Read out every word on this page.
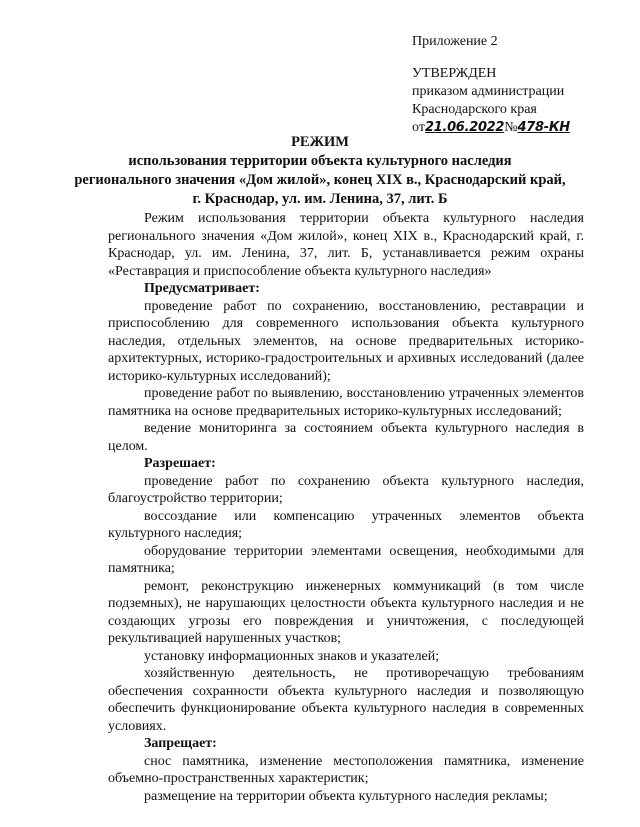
Приложение 2
УТВЕРЖДЕН
приказом администрации
Краснодарского края
от21.06.2022№478-КН
РЕЖИМ
использования территории объекта культурного наследия
регионального значения «Дом жилой», конец XIX в., Краснодарский край,
г. Краснодар, ул. им. Ленина, 37, лит. Б

Режим использования территории объекта культурного наследия регионального значения «Дом жилой», конец XIX в., Краснодарский край, г. Краснодар, ул. им. Ленина, 37, лит. Б, устанавливается режим охраны «Реставрация и приспособление объекта культурного наследия»

Предусматривает:

проведение работ по сохранению, восстановлению, реставрации и приспособлению для современного использования объекта культурного наследия, отдельных элементов, на основе предварительных историко-архитектурных, историко-градостроительных и архивных исследований (далее историко-культурных исследований);

проведение работ по выявлению, восстановлению утраченных элементов памятника на основе предварительных историко-культурных исследований;

ведение мониторинга за состоянием объекта культурного наследия в целом.

Разрешает:

проведение работ по сохранению объекта культурного наследия, благоустройство территории;

воссоздание или компенсацию утраченных элементов объекта культурного наследия;

оборудование территории элементами освещения, необходимыми для памятника;

ремонт, реконструкцию инженерных коммуникаций (в том числе подземных), не нарушающих целостности объекта культурного наследия и не создающих угрозы его повреждения и уничтожения, с последующей рекультивацией нарушенных участков;

установку информационных знаков и указателей;

хозяйственную деятельность, не противоречащую требованиям обеспечения сохранности объекта культурного наследия и позволяющую обеспечить функционирование объекта культурного наследия в современных условиях.

Запрещает:

снос памятника, изменение местоположения памятника, изменение объемно-пространственных характеристик;

размещение на территории объекта культурного наследия рекламы;
